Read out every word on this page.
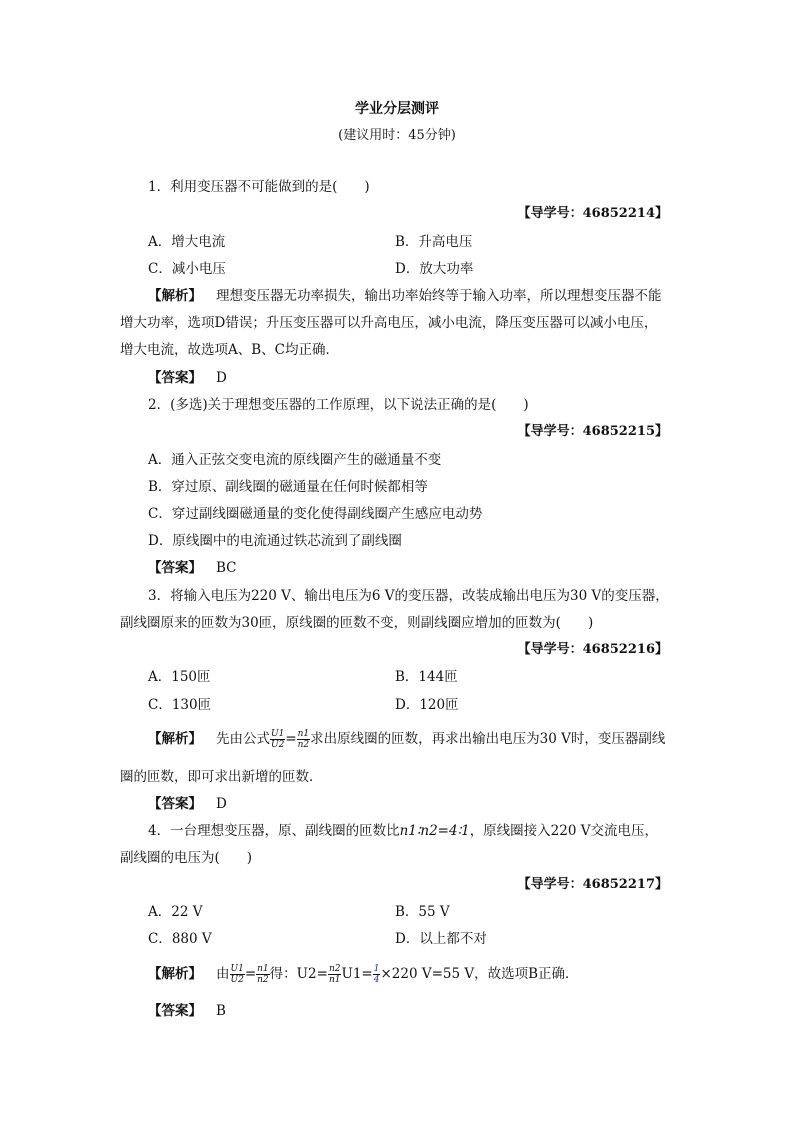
学业分层测评
(建议用时：45分钟)
1．利用变压器不可能做到的是(　　)
【导学号：46852214】
A．增大电流	B．升高电压
C．减小电压	D．放大功率
【解析】 理想变压器无功率损失，输出功率始终等于输入功率，所以理想变压器不能
增大功率，选项D错误；升压变压器可以升高电压，减小电流，降压变压器可以减小电压，
增大电流，故选项A、B、C均正确．
【答案】 D
2．(多选)关于理想变压器的工作原理，以下说法正确的是(　　)
【导学号：46852215】
A．通入正弦交变电流的原线圈产生的磁通量不变
B．穿过原、副线圈的磁通量在任何时候都相等
C．穿过副线圈磁通量的变化使得副线圈产生感应电动势
D．原线圈中的电流通过铁芯流到了副线圈
【答案】 BC
3．将输入电压为220 V、输出电压为6 V的变压器，改装成输出电压为30 V的变压器，
副线圈原来的匝数为30匝，原线圈的匝数不变，则副线圈应增加的匝数为(　　)
【导学号：46852216】
A．150匝	B．144匝
C．130匝	D．120匝
【解析】 先由公式 $\frac{U1}{U2} = \frac{n1}{n2}$ 求出原线圈的匝数，再求出输出电压为30 V时，变压器副线
圈的匝数，即可求出新增的匝数．
【答案】 D
4．一台理想变压器，原、副线圈的匝数比n1∶n2=4∶1，原线圈接入220 V交流电压，
副线圈的电压为(　　)
【导学号：46852217】
A．22 V	B．55 V
C．880 V	D．以上都不对
【解析】 由 $\frac{U1}{U2} = \frac{n1}{n2}$ 得：$U2= \frac{n2}{n1} U1= \frac{1}{4} \times 220$ V=55 V，故选项B正确．
【答案】 B
